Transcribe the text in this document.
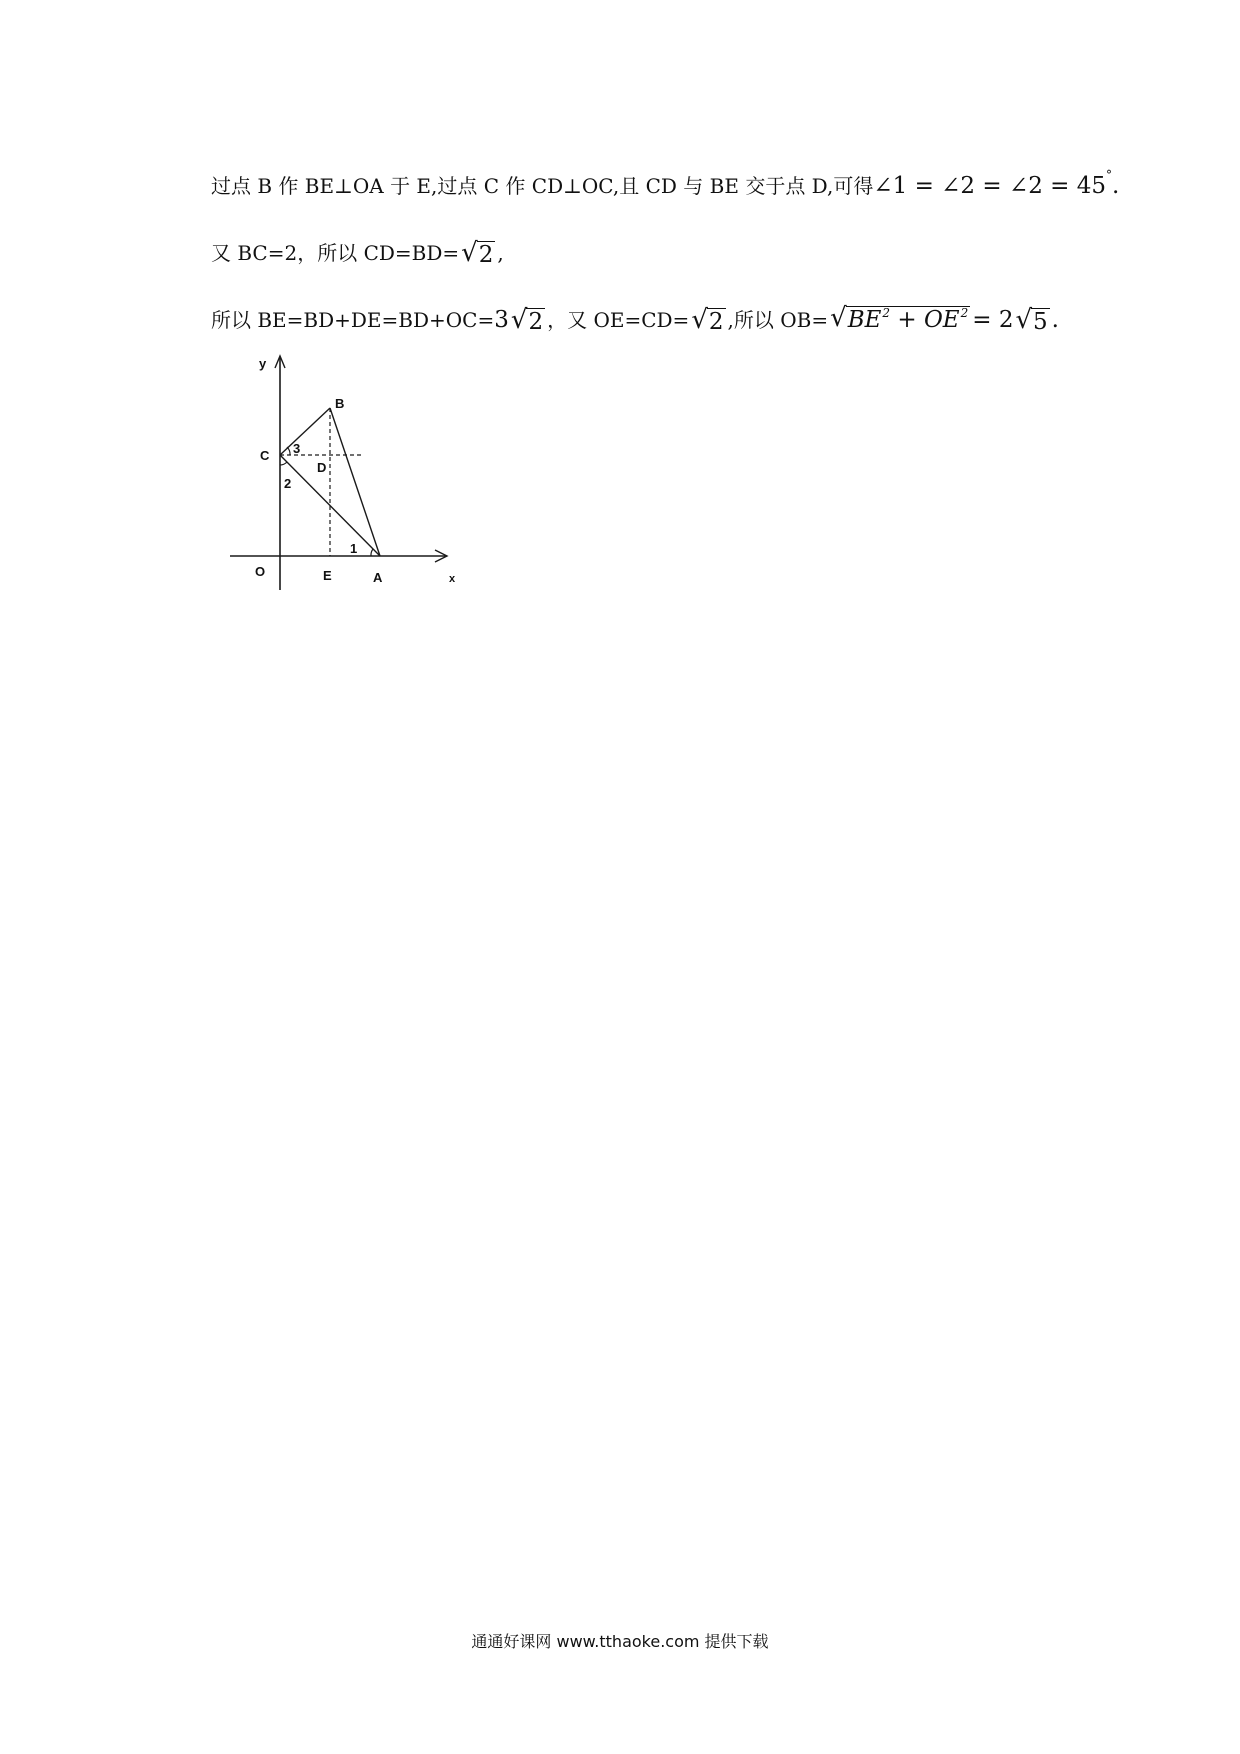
过点 B 作 BE⊥OA 于 E,过点 C 作 CD⊥OC,且 CD 与 BE 交于点 D,可得 ∠1 = ∠2 = ∠2 = 45 ° .
又 BC=2，所以 CD=BD= √ 2 ,
所以 BE=BD+DE=BD+OC= 3 √ 2 ，又 OE=CD= √ 2 ,所以 OB= √ $BE^2 + OE^2 = 2$ √ 5 .
y
x
O	E	A
B
C
D
1
2
3
通通好课网 www.tthaoke.com 提供下载
